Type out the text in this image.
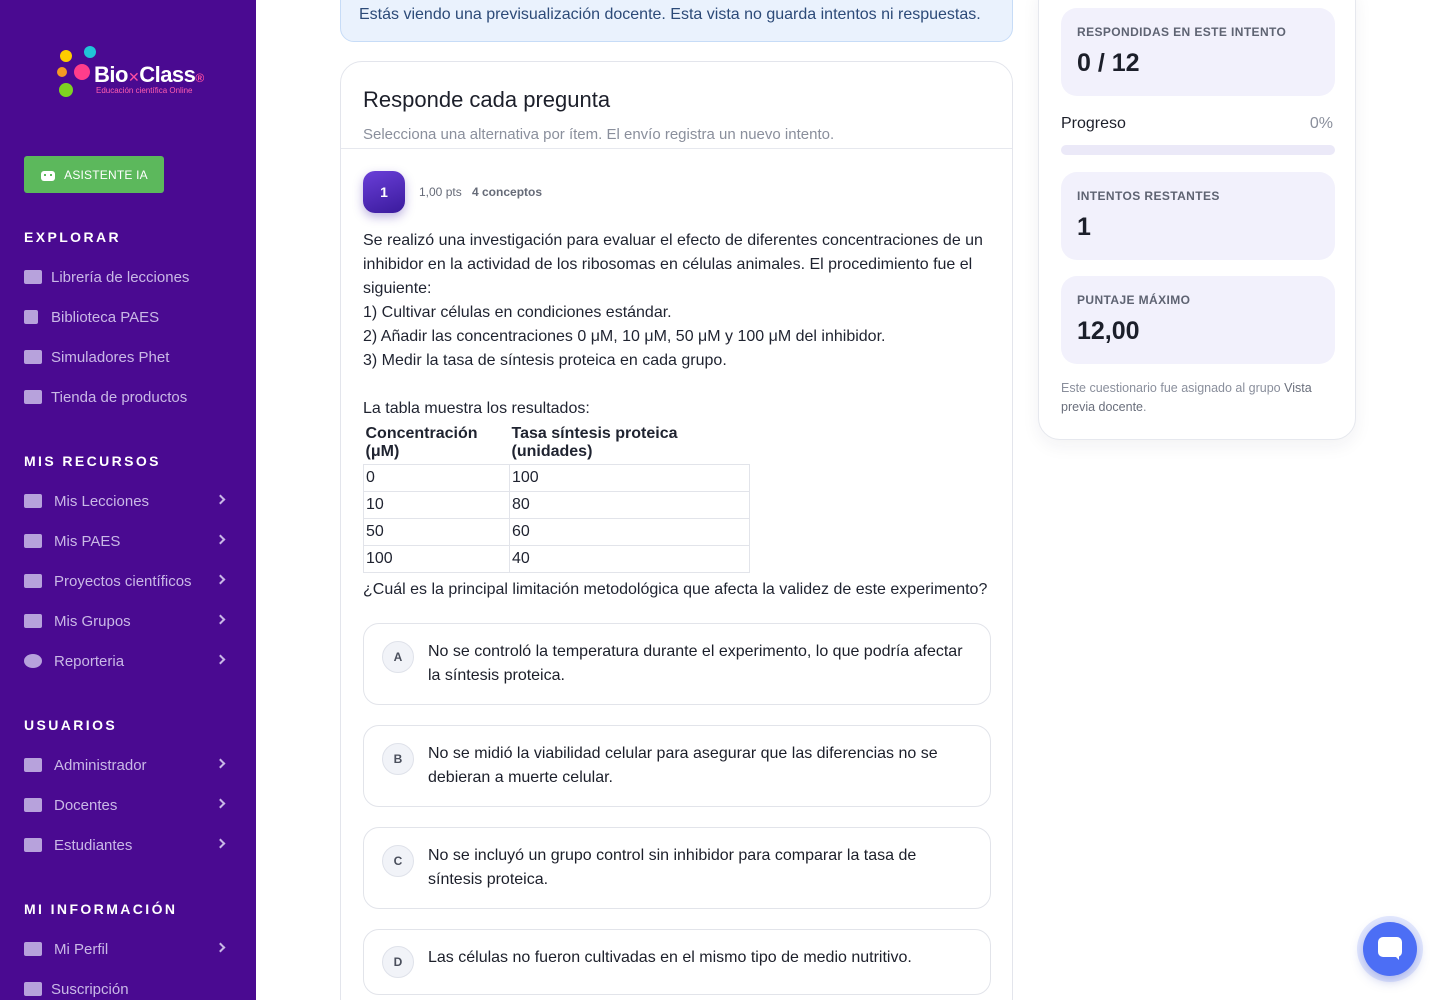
Bio✕Class®
Educación científica Online
ASISTENTE IA
EXPLORAR
Librería de lecciones
Biblioteca PAES
Simuladores Phet
Tienda de productos
MIS RECURSOS
Mis Lecciones
Mis PAES
Proyectos científicos
Mis Grupos
Reporteria
USUARIOS
Administrador
Docentes
Estudiantes
MI INFORMACIÓN
Mi Perfil
Suscripción
Estás viendo una previsualización docente. Esta vista no guarda intentos ni respuestas.
Responde cada pregunta
Selecciona una alternativa por ítem. El envío registra un nuevo intento.
1	1,00 pts 4 conceptos

Se realizó una investigación para evaluar el efecto de diferentes concentraciones de un inhibidor en la actividad de los ribosomas en células animales. El procedimiento fue el siguiente:

1) Cultivar células en condiciones estándar.

2) Añadir las concentraciones 0 μM, 10 μM, 50 μM y 100 μM del inhibidor.

3) Medir la tasa de síntesis proteica en cada grupo.

La tabla muestra los resultados:

Concentración (μM)	Tasa síntesis proteica (unidades)
0	100
10	80
50	60
100	40
¿Cuál es la principal limitación metodológica que afecta la validez de este experimento?
A	No se controló la temperatura durante el experimento, lo que podría afectar la síntesis proteica.
B	No se midió la viabilidad celular para asegurar que las diferencias no se debieran a muerte celular.
C	No se incluyó un grupo control sin inhibidor para comparar la tasa de síntesis proteica.
D	Las células no fueron cultivadas en el mismo tipo de medio nutritivo.
RESPONDIDAS EN ESTE INTENTO
0 / 12
Progreso	0%
INTENTOS RESTANTES
1
PUNTAJE MÁXIMO
12,00
Este cuestionario fue asignado al grupo Vista previa docente.
